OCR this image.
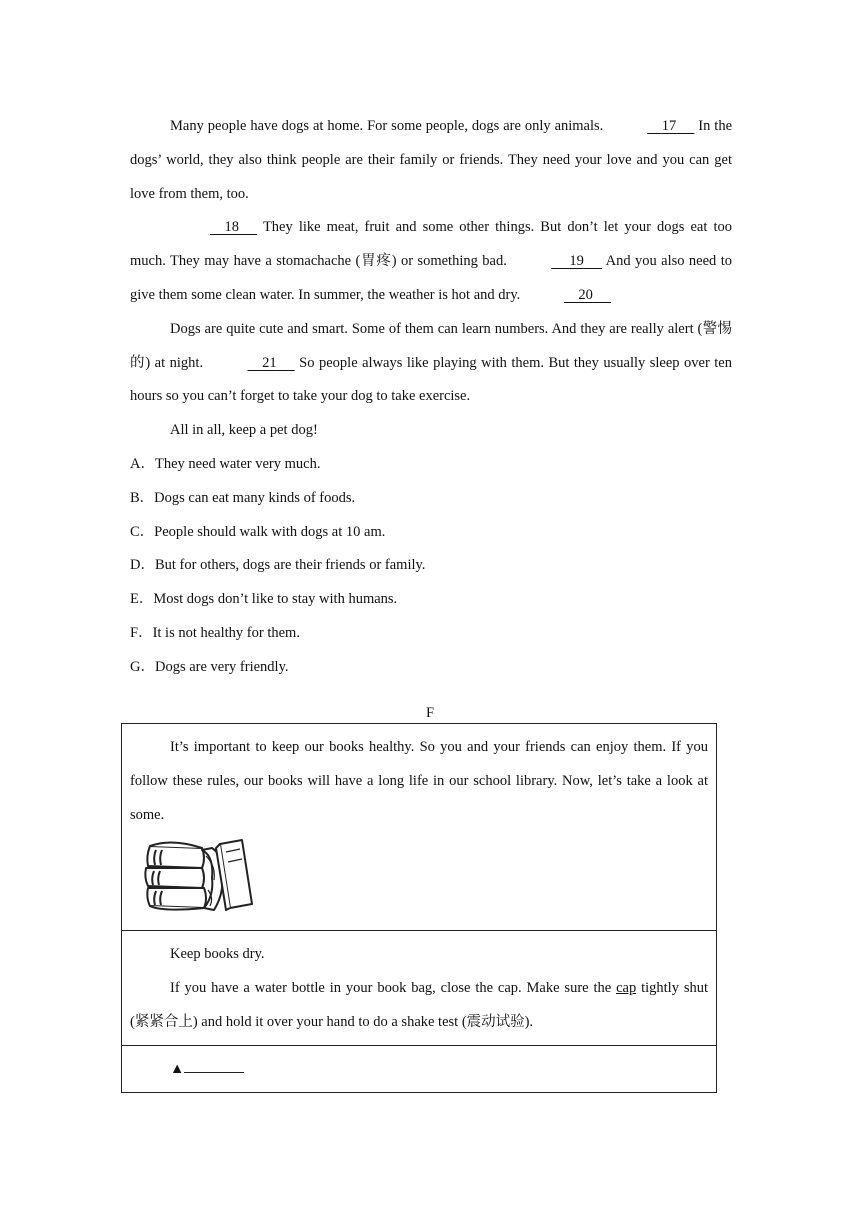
Many people have dogs at home. For some people, dogs are only animals.	17      In the dogs’ world, they also think people are their family or friends. They need your love and you can get love from them, too.

18      They like meat, fruit and some other things. But don’t let your dogs eat too much. They may have a stomachache (胃疼) or something bad.	19      And you also need to give them some clean water. In summer, the weather is hot and dry.	20

Dogs are quite cute and smart. Some of them can learn numbers. And they are really alert (警惕的) at night.	21      So people always like playing with them. But they usually sleep over ten hours so you can’t forget to take your dog to take exercise.

All in all, keep a pet dog!

A．They need water very much.

B．Dogs can eat many kinds of foods.

C．People should walk with dogs at 10 am.

D．But for others, dogs are their friends or family.

E．Most dogs don’t like to stay with humans.

F．It is not healthy for them.

G．Dogs are very friendly.

F

It’s important to keep our books healthy. So you and your friends can enjoy them. If you follow these rules, our books will have a long life in our school library. Now, let’s take a look at some.

Keep books dry.

If you have a water bottle in your book bag, close the cap. Make sure the cap tightly shut (紧紧合上) and hold it over your hand to do a shake test (震动试验).

▲
